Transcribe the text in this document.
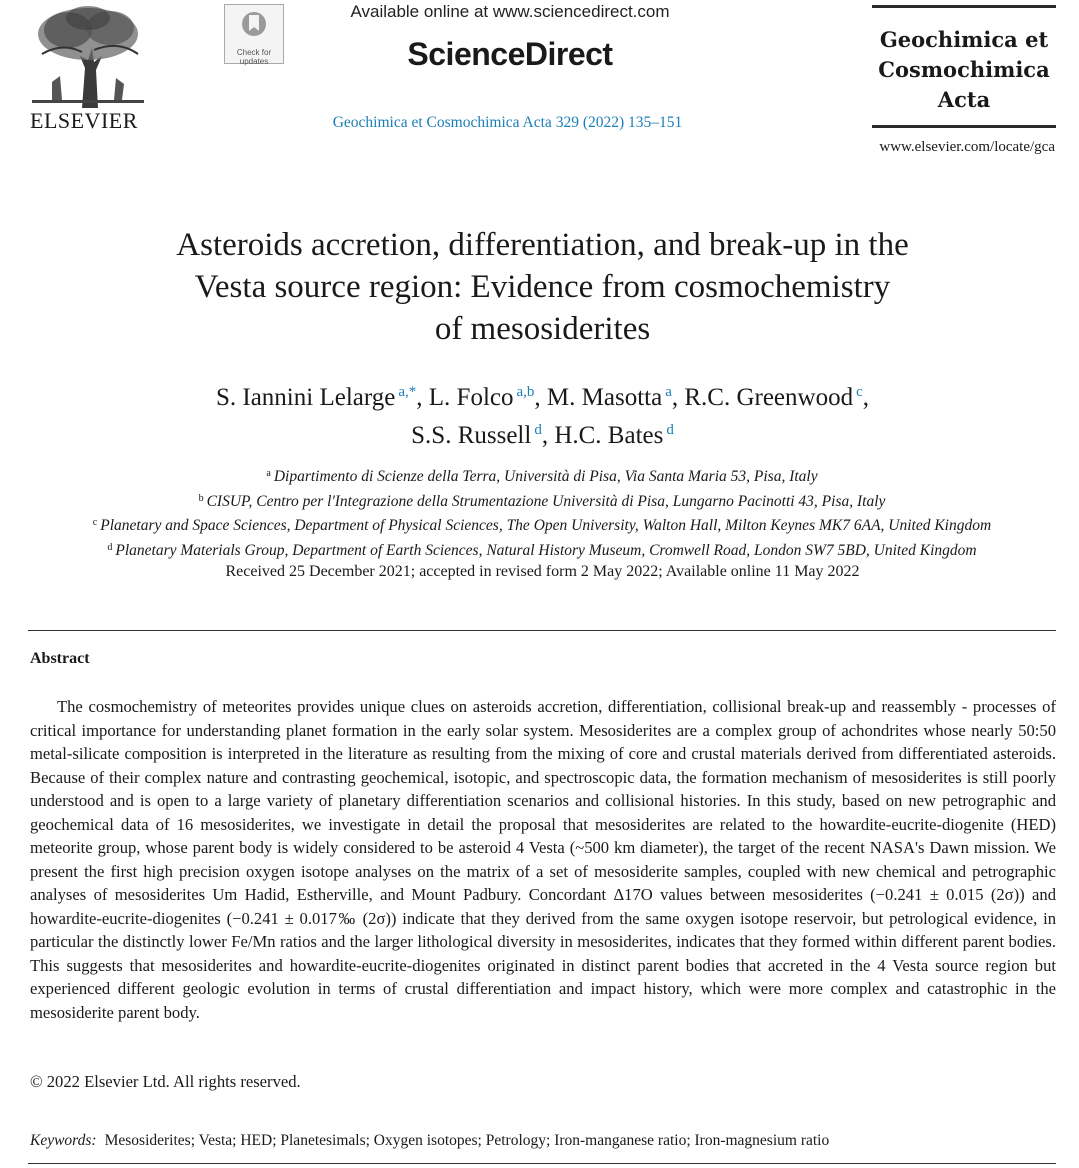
ELSEVIER
Check for updates
Available online at www.sciencedirect.com
ScienceDirect
Geochimica et Cosmochimica Acta 329 (2022) 135–151
Geochimica et
Cosmochimica
Acta
www.elsevier.com/locate/gca
Asteroids accretion, differentiation, and break-up in the
Vesta source region: Evidence from cosmochemistry
of mesosiderites
S. Iannini Lelarge $^{a,*}$, L. Folco $^{a,b}$, M. Masotta $^a$, R.C. Greenwood $^c$,
S.S. Russell $^d$, H.C. Bates $^d$
$^a$ Dipartimento di Scienze della Terra, Università di Pisa, Via Santa Maria 53, Pisa, Italy
$^b$ CISUP, Centro per l'Integrazione della Strumentazione Università di Pisa, Lungarno Pacinotti 43, Pisa, Italy
$^c$ Planetary and Space Sciences, Department of Physical Sciences, The Open University, Walton Hall, Milton Keynes MK7 6AA, United Kingdom
$^d$ Planetary Materials Group, Department of Earth Sciences, Natural History Museum, Cromwell Road, London SW7 5BD, United Kingdom
Received 25 December 2021; accepted in revised form 2 May 2022; Available online 11 May 2022
Abstract

The cosmochemistry of meteorites provides unique clues on asteroids accretion, differentiation, collisional break-up and reassembly - processes of critical importance for understanding planet formation in the early solar system. Mesosiderites are a complex group of achondrites whose nearly 50:50 metal-silicate composition is interpreted in the literature as resulting from the mixing of core and crustal materials derived from differentiated asteroids. Because of their complex nature and contrasting geochemical, isotopic, and spectroscopic data, the formation mechanism of mesosiderites is still poorly understood and is open to a large variety of planetary differentiation scenarios and collisional histories. In this study, based on new petrographic and geochemical data of 16 mesosiderites, we investigate in detail the proposal that mesosiderites are related to the howardite-eucrite-diogenite (HED) meteorite group, whose parent body is widely considered to be asteroid 4 Vesta (~500 km diameter), the target of the recent NASA's Dawn mission. We present the first high precision oxygen isotope analyses on the matrix of a set of mesosiderite samples, coupled with new chemical and petrographic analyses of mesosiderites Um Hadid, Estherville, and Mount Padbury. Concordant Δ17O values between mesosiderites (−0.241 ± 0.015 (2σ)) and howardite-eucrite-diogenites (−0.241 ± 0.017‰ (2σ)) indicate that they derived from the same oxygen isotope reservoir, but petrological evidence, in particular the distinctly lower Fe/Mn ratios and the larger lithological diversity in mesosiderites, indicates that they formed within different parent bodies. This suggests that mesosiderites and howardite-eucrite-diogenites originated in distinct parent bodies that accreted in the 4 Vesta source region but experienced different geologic evolution in terms of crustal differentiation and impact history, which were more complex and catastrophic in the mesosiderite parent body.

© 2022 Elsevier Ltd. All rights reserved.
Keywords: Mesosiderites; Vesta; HED; Planetesimals; Oxygen isotopes; Petrology; Iron-manganese ratio; Iron-magnesium ratio
